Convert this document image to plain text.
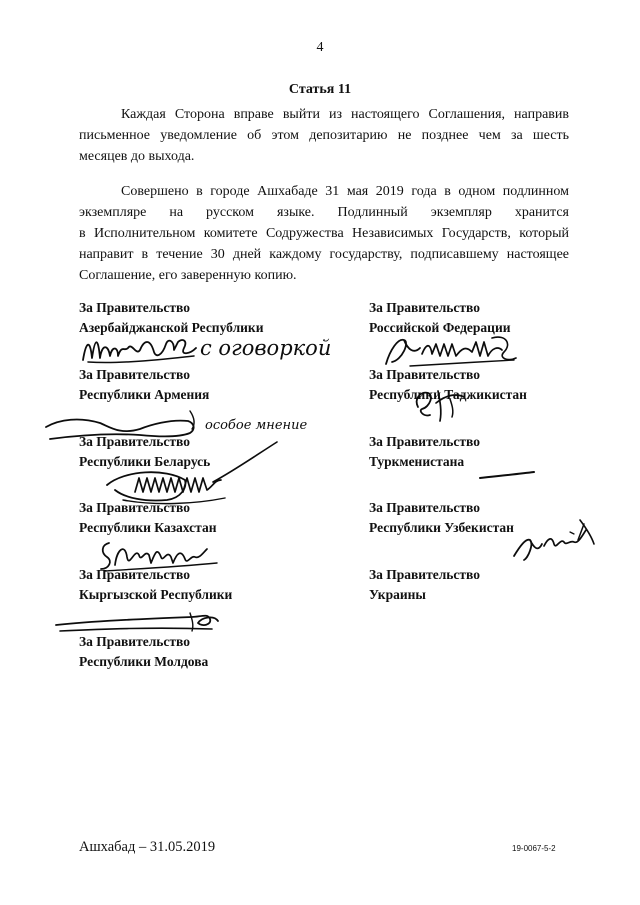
4
Статья 11
Каждая Сторона вправе выйти из настоящего Соглашения, направив
письменное уведомление об этом депозитарию не позднее чем за шесть
месяцев до выхода.
Совершено в городе Ашхабаде 31 мая 2019 года в одном подлинном
экземпляре на русском языке. Подлинный экземпляр хранится
в Исполнительном комитете Содружества Независимых Государств, который
направит в течение 30 дней каждому государству, подписавшему настоящее
Соглашение, его заверенную копию.
За Правительство
Азербайджанской Республики
За Правительство
Республики Армения
За Правительство
Республики Беларусь
За Правительство
Республики Казахстан
За Правительство
Кыргызской Республики
За Правительство
Республики Молдова
За Правительство
Российской Федерации
За Правительство
Республики Таджикистан
За Правительство
Туркменистана
За Правительство
Республики Узбекистан
За Правительство
Украины
с оговоркой
особое мнение
Ашхабад – 31.05.2019	19-0067-5-2
